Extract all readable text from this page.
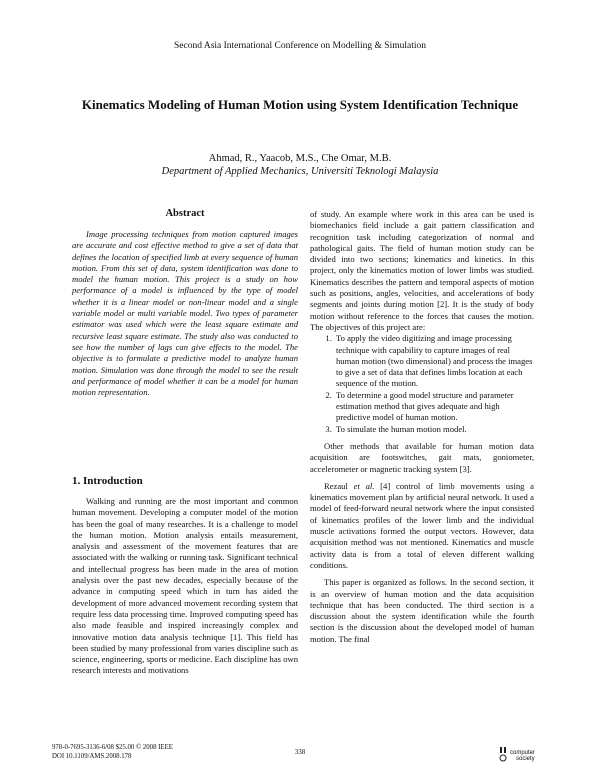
Second Asia International Conference on Modelling & Simulation
Kinematics Modeling of Human Motion using System Identification Technique
Ahmad, R., Yaacob, M.S., Che Omar, M.B.
Department of Applied Mechanics, Universiti Teknologi Malaysia
Abstract

Image processing techniques from motion captured images are accurate and cost effective method to give a set of data that defines the location of specified limb at every sequence of human motion. From this set of data, system identification was done to model the human motion. This project is a study on how performance of a model is influenced by the type of model whether it is a linear model or non-linear model and a single variable model or multi variable model. Two types of parameter estimator was used which were the least square estimate and recursive least square estimate. The study also was conducted to see how the number of lags can give effects to the model. The objective is to formulate a predictive model to analyze human motion. Simulation was done through the model to see the result and performance of model whether it can be a model for human motion representation.

1. Introduction

Walking and running are the most important and common human movement. Developing a computer model of the motion has been the goal of many researches. It is a challenge to model the human motion. Motion analysis entails measurement, analysis and assessment of the movement features that are associated with the walking or running task. Significant technical and intellectual progress has been made in the area of motion analysis over the past new decades, especially because of the advance in computing speed which in turn has aided the development of more advanced movement recording system that require less data processing time. Improved computing speed has also made feasible and inspired increasingly complex and innovative motion data analysis technique [1]. This field has been studied by many professional from varies discipline such as science, engineering, sports or medicine. Each discipline has own research interests and motivations

of study. An example where work in this area can be used is biomechanics field include a gait pattern classification and recognition task including categorization of normal and pathological gaits. The field of human motion study can be divided into two sections; kinematics and kinetics. In this project, only the kinematics motion of lower limbs was studied. Kinematics describes the pattern and temporal aspects of motion such as positions, angles, velocities, and accelerations of body segments and joints during motion [2]. It is the study of body motion without reference to the forces that causes the motion. The objectives of this project are:

1. To apply the video digitizing and image processing technique with capability to capture images of real human motion (two dimensional) and process the images to give a set of data that defines limbs location at each sequence of the motion.
2. To determine a good model structure and parameter estimation method that gives adequate and high predictive model of human motion.
3. To simulate the human motion model.

Other methods that available for human motion data acquisition are footswitches, gait mats, goniometer, accelerometer or magnetic tracking system [3].

Rezaul et al. [4] control of limb movements using a kinematics movement plan by artificial neural network. It used a model of feed-forward neural network where the input consisted of kinematics profiles of the lower limb and the individual muscle activations formed the output vectors. However, data acquisition method was not mentioned. Kinematics and muscle activity data is from a total of eleven different walking conditions.

This paper is organized as follows. In the second section, it is an overview of human motion and the data acquisition technique that has been conducted. The third section is a discussion about the system identification while the fourth section is the discussion about the developed model of human motion. The final

978-0-7695-3136-6/08 $25.00 © 2008 IEEE
DOI 10.1109/AMS.2008.178
338	computer
society
